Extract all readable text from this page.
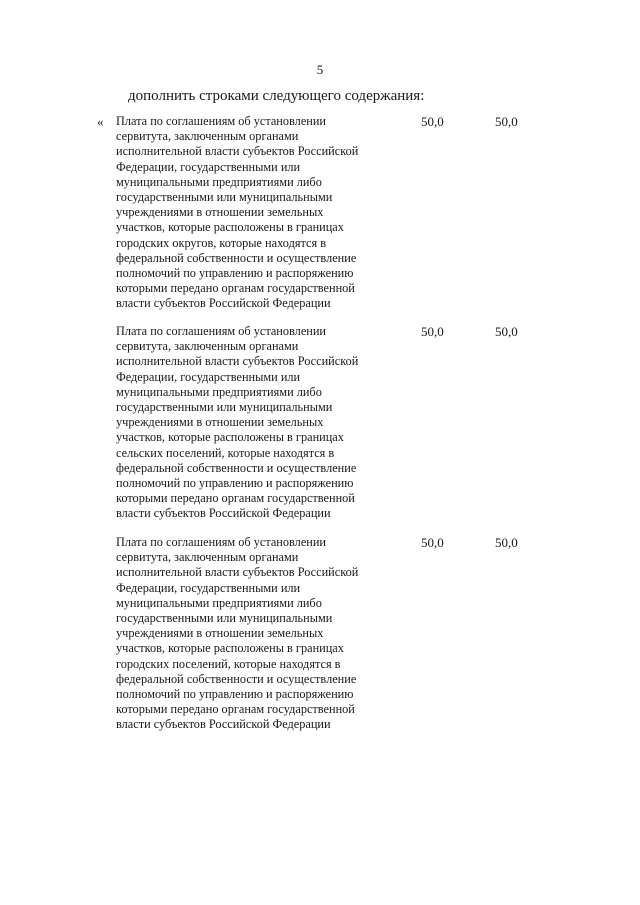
5
дополнить строками следующего содержания:
« Плата по соглашениям об установлении сервитута, заключенным органами исполнительной власти субъектов Российской Федерации, государственными или муниципальными предприятиями либо государственными или муниципальными учреждениями в отношении земельных участков, которые расположены в границах городских округов, которые находятся в федеральной собственности и осуществление полномочий по управлению и распоряжению которыми передано органам государственной власти субъектов Российской Федерации
50,0	50,0
Плата по соглашениям об установлении сервитута, заключенным органами исполнительной власти субъектов Российской Федерации, государственными или муниципальными предприятиями либо государственными или муниципальными учреждениями в отношении земельных участков, которые расположены в границах сельских поселений, которые находятся в федеральной собственности и осуществление полномочий по управлению и распоряжению которыми передано органам государственной власти субъектов Российской Федерации
50,0	50,0
Плата по соглашениям об установлении сервитута, заключенным органами исполнительной власти субъектов Российской Федерации, государственными или муниципальными предприятиями либо государственными или муниципальными учреждениями в отношении земельных участков, которые расположены в границах городских поселений, которые находятся в федеральной собственности и осуществление полномочий по управлению и распоряжению которыми передано органам государственной власти субъектов Российской Федерации
50,0	50,0
